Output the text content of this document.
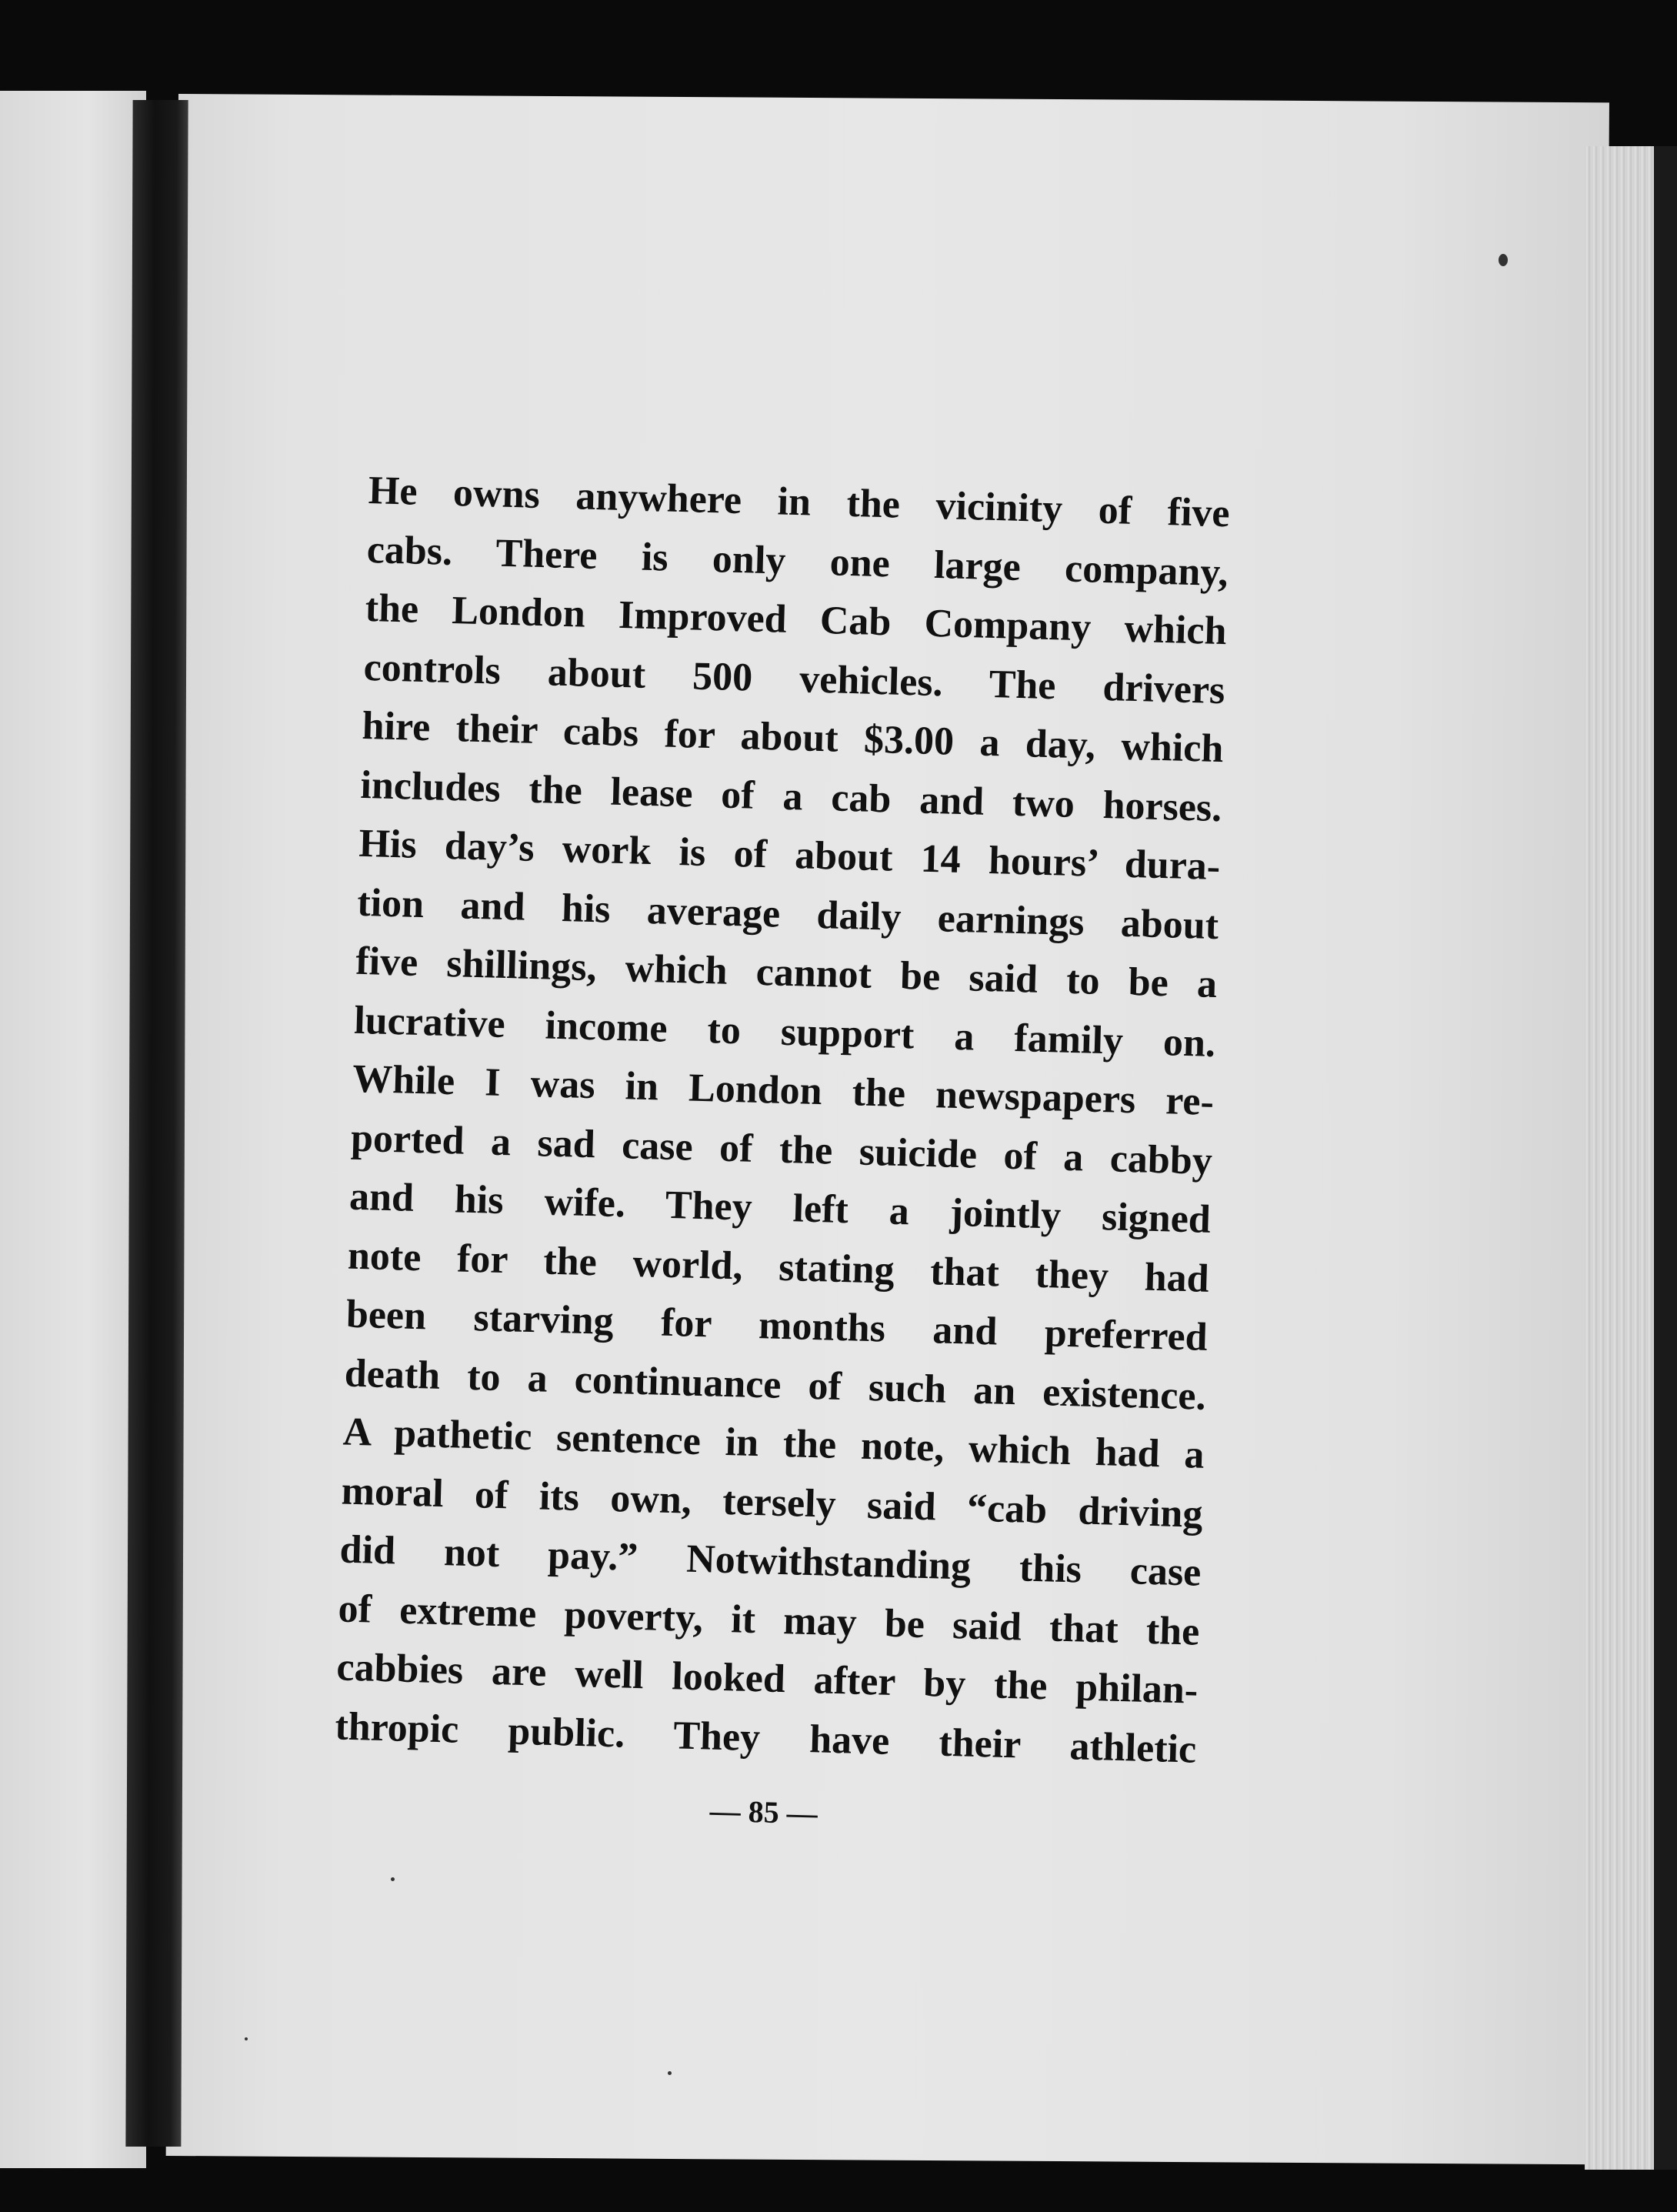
He owns anywhere in the vicinity of five
cabs. There is only one large company,
the London Improved Cab Company which
controls about 500 vehicles. The drivers
hire their cabs for about $3.00 a day, which
includes the lease of a cab and two horses.
His day’s work is of about 14 hours’ dura-
tion and his average daily earnings about
five shillings, which cannot be said to be a
lucrative income to support a family on.
While I was in London the newspapers re-
ported a sad case of the suicide of a cabby
and his wife. They left a jointly signed
note for the world, stating that they had
been starving for months and preferred
death to a continuance of such an existence.
A pathetic sentence in the note, which had a
moral of its own, tersely said “cab driving
did not pay.” Notwithstanding this case
of extreme poverty, it may be said that the
cabbies are well looked after by the philan-
thropic public. They have their athletic
— 85 —
